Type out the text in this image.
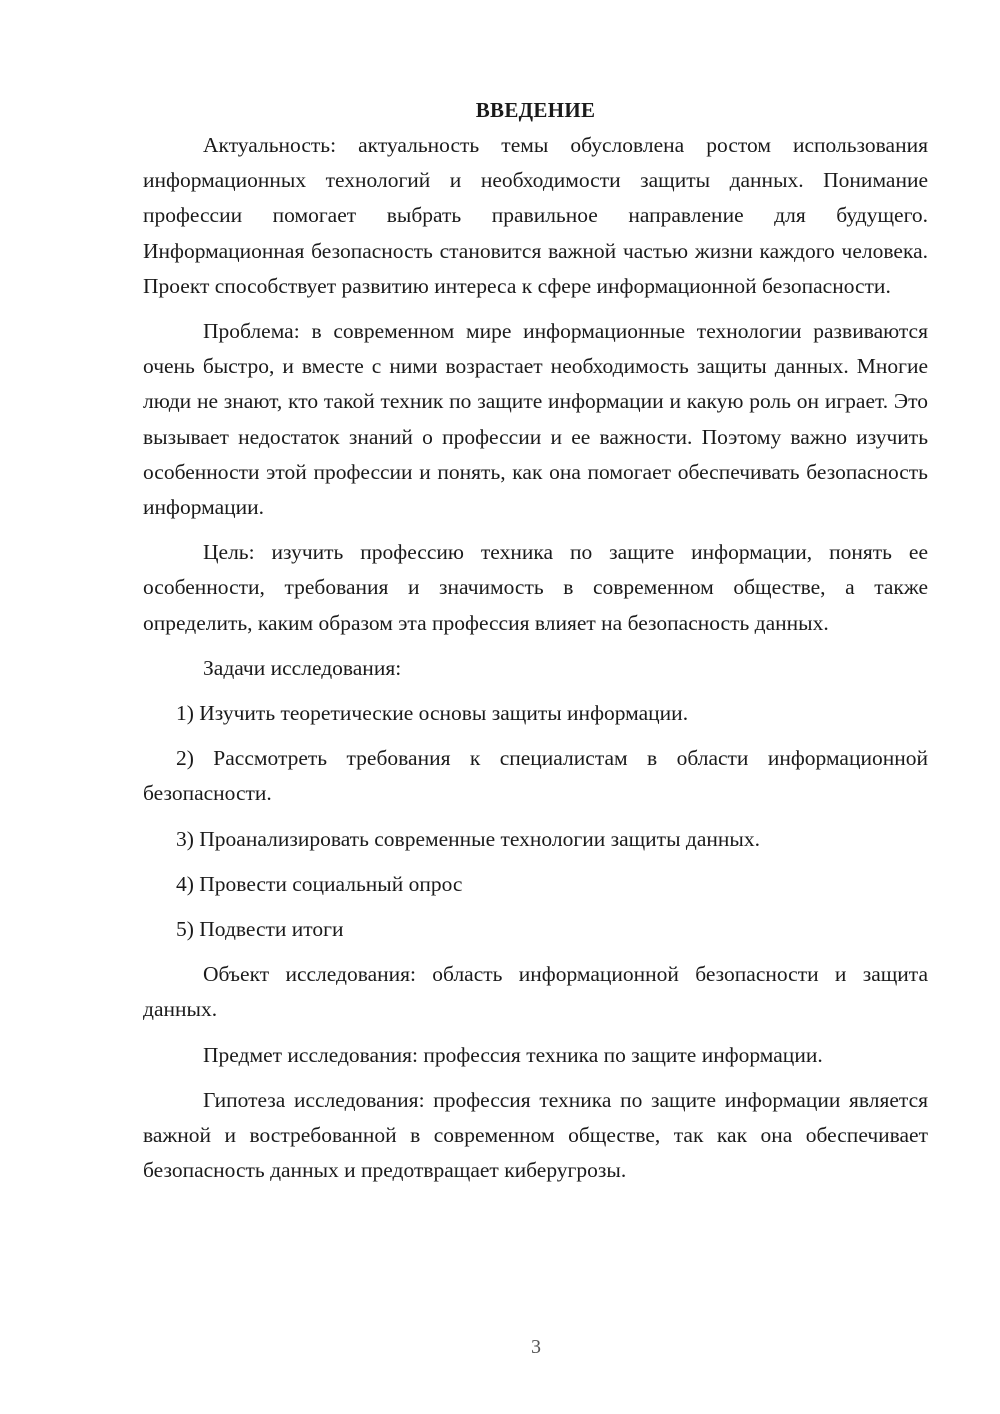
ВВЕДЕНИЕ

Актуальность: актуальность темы обусловлена ростом использования информационных технологий и необходимости защиты данных. Понимание профессии помогает выбрать правильное направление для будущего. Информационная безопасность становится важной частью жизни каждого человека. Проект способствует развитию интереса к сфере информационной безопасности.

Проблема: в современном мире информационные технологии развиваются очень быстро, и вместе с ними возрастает необходимость защиты данных. Многие люди не знают, кто такой техник по защите информации и какую роль он играет. Это вызывает недостаток знаний о профессии и ее важности. Поэтому важно изучить особенности этой профессии и понять, как она помогает обеспечивать безопасность информации.

Цель: изучить профессию техника по защите информации, понять ее особенности, требования и значимость в современном обществе, а также определить, каким образом эта профессия влияет на безопасность данных.

Задачи исследования:

1) Изучить теоретические основы защиты информации.

2) Рассмотреть требования к специалистам в области информационной безопасности.

3) Проанализировать современные технологии защиты данных.

4) Провести социальный опрос

5) Подвести итоги

Объект исследования: область информационной безопасности и защита данных.

Предмет исследования: профессия техника по защите информации.

Гипотеза исследования: профессия техника по защите информации является важной и востребованной в современном обществе, так как она обеспечивает безопасность данных и предотвращает киберугрозы.

3
